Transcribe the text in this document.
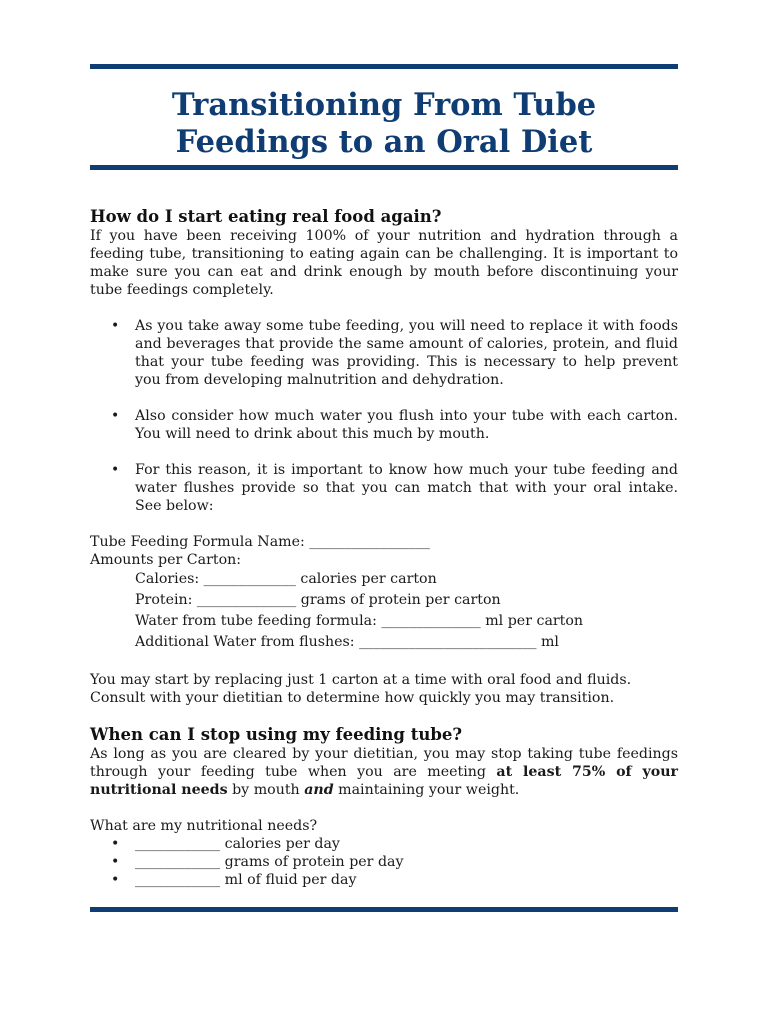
Transitioning From Tube
Feedings to an Oral Diet
How do I start eating real food again?

If you have been receiving 100% of your nutrition and hydration through a feeding tube, transitioning to eating again can be challenging. It is important to make sure you can eat and drink enough by mouth before discontinuing your tube feedings completely.

• As you take away some tube feeding, you will need to replace it with foods and beverages that provide the same amount of calories, protein, and fluid that your tube feeding was providing. This is necessary to help prevent you from developing malnutrition and dehydration.
• Also consider how much water you flush into your tube with each carton. You will need to drink about this much by mouth.
• For this reason, it is important to know how much your tube feeding and water flushes provide so that you can match that with your oral intake. See below:
Tube Feeding Formula Name: _________________
Amounts per Carton:
Calories: _____________ calories per carton
Protein: ______________ grams of protein per carton
Water from tube feeding formula: ______________ ml per carton
Additional Water from flushes: _________________________ ml

You may start by replacing just 1 carton at a time with oral food and fluids. Consult with your dietitian to determine how quickly you may transition.

When can I stop using my feeding tube?

As long as you are cleared by your dietitian, you may stop taking tube feedings through your feeding tube when you are meeting at least 75% of your nutritional needs by mouth and maintaining your weight.

What are my nutritional needs?

• ____________ calories per day
• ____________ grams of protein per day
• ____________ ml of fluid per day
